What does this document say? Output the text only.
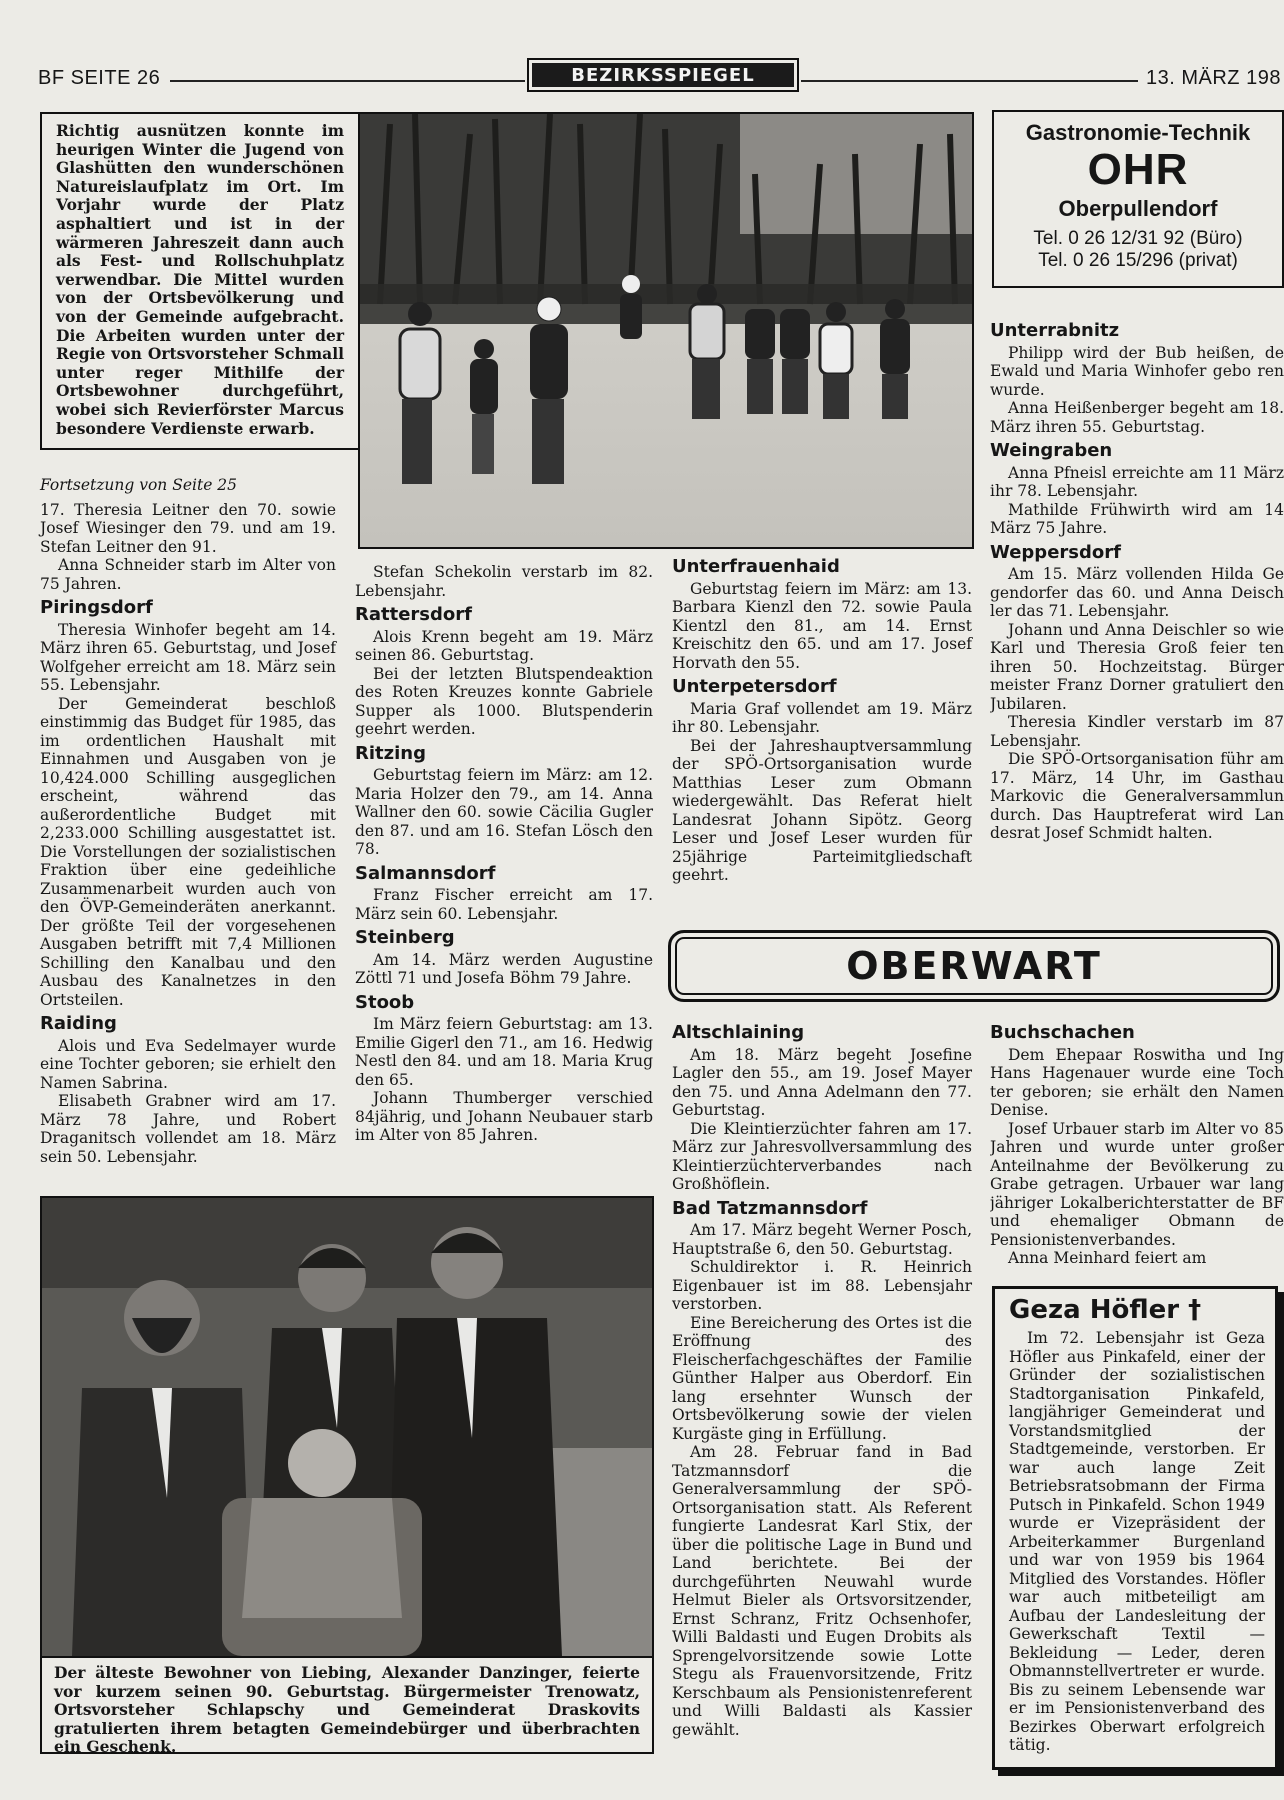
BF SEITE 26	BEZIRKSSPIEGEL	13. MÄRZ 198
Richtig ausnützen konnte im heurigen Winter die Jugend von Glashütten den wunderschönen Natureislaufplatz im Ort. Im Vorjahr wurde der Platz asphaltiert und ist in der wärmeren Jahreszeit dann auch als Fest- und Rollschuhplatz verwendbar. Die Mittel wurden von der Ortsbevölkerung und von der Gemeinde aufgebracht. Die Arbeiten wurden unter der Regie von Ortsvorsteher Schmall unter reger Mithilfe der Ortsbewohner durchgeführt, wobei sich Revierförster Marcus besondere Verdienste erwarb.
Gastronomie-Technik
OHR
Oberpullendorf
Tel. 0 26 12/31 92 (Büro)
Tel. 0 26 15/296 (privat)

Fortsetzung von Seite 25

17. Theresia Leitner den 70. sowie Josef Wiesinger den 79. und am 19. Stefan Leitner den 91.

Anna Schneider starb im Alter von 75 Jahren.

Piringsdorf

Theresia Winhofer begeht am 14. März ihren 65. Geburtstag, und Josef Wolfgeher erreicht am 18. März sein 55. Lebensjahr.

Der Gemeinderat beschloß einstimmig das Budget für 1985, das im ordentlichen Haushalt mit Einnahmen und Ausgaben von je 10,424.000 Schilling ausgeglichen erscheint, während das außerordentliche Budget mit 2,233.000 Schilling ausgestattet ist. Die Vorstellungen der sozialistischen Fraktion über eine gedeihliche Zusammenarbeit wurden auch von den ÖVP-Gemeinderäten anerkannt. Der größte Teil der vorgesehenen Ausgaben betrifft mit 7,4 Millionen Schilling den Kanalbau und den Ausbau des Kanalnetzes in den Ortsteilen.

Raiding

Alois und Eva Sedelmayer wurde eine Tochter geboren; sie erhielt den Namen Sabrina.

Elisabeth Grabner wird am 17. März 78 Jahre, und Robert Draganitsch vollendet am 18. März sein 50. Lebensjahr.

Stefan Schekolin verstarb im 82. Lebensjahr.

Rattersdorf

Alois Krenn begeht am 19. März seinen 86. Geburtstag.

Bei der letzten Blutspendeaktion des Roten Kreuzes konnte Gabriele Supper als 1000. Blutspenderin geehrt werden.

Ritzing

Geburtstag feiern im März: am 12. Maria Holzer den 79., am 14. Anna Wallner den 60. sowie Cäcilia Gugler den 87. und am 16. Stefan Lösch den 78.

Salmannsdorf

Franz Fischer erreicht am 17. März sein 60. Lebensjahr.

Steinberg

Am 14. März werden Augustine Zöttl 71 und Josefa Böhm 79 Jahre.

Stoob

Im März feiern Geburtstag: am 13. Emilie Gigerl den 71., am 16. Hedwig Nestl den 84. und am 18. Maria Krug den 65.

Johann Thumberger verschied 84jährig, und Johann Neubauer starb im Alter von 85 Jahren.

Unterfrauenhaid

Geburtstag feiern im März: am 13. Barbara Kienzl den 72. sowie Paula Kientzl den 81., am 14. Ernst Kreischitz den 65. und am 17. Josef Horvath den 55.

Unterpetersdorf

Maria Graf vollendet am 19. März ihr 80. Lebensjahr.

Bei der Jahreshauptversammlung der SPÖ-Ortsorganisation wurde Matthias Leser zum Obmann wiedergewählt. Das Referat hielt Landesrat Johann Sipötz. Georg Leser und Josef Leser wurden für 25jährige Parteimitgliedschaft geehrt.

Unterrabnitz

Philipp wird der Bub heißen, de Ewald und Maria Winhofer gebo ren wurde.

Anna Heißenberger begeht am 18. März ihren 55. Geburtstag.

Weingraben

Anna Pfneisl erreichte am 11 März ihr 78. Lebensjahr.

Mathilde Frühwirth wird am 14 März 75 Jahre.

Weppersdorf

Am 15. März vollenden Hilda Ge gendorfer das 60. und Anna Deisch ler das 71. Lebensjahr.

Johann und Anna Deischler so wie Karl und Theresia Groß feier ten ihren 50. Hochzeitstag. Bürger meister Franz Dorner gratuliert den Jubilaren.

Theresia Kindler verstarb im 87 Lebensjahr.

Die SPÖ-Ortsorganisation führ am 17. März, 14 Uhr, im Gasthau Markovic die Generalversammlun durch. Das Hauptreferat wird Lan desrat Josef Schmidt halten.

OBERWART
Altschlaining

Am 18. März begeht Josefine Lagler den 55., am 19. Josef Mayer den 75. und Anna Adelmann den 77. Geburtstag.

Die Kleintierzüchter fahren am 17. März zur Jahresvollversammlung des Kleintierzüchterverbandes nach Großhöflein.

Bad Tatzmannsdorf

Am 17. März begeht Werner Posch, Hauptstraße 6, den 50. Geburtstag.

Schuldirektor i. R. Heinrich Eigenbauer ist im 88. Lebensjahr verstorben.

Eine Bereicherung des Ortes ist die Eröffnung des Fleischerfachgeschäftes der Familie Günther Halper aus Oberdorf. Ein lang ersehnter Wunsch der Ortsbevölkerung sowie der vielen Kurgäste ging in Erfüllung.

Am 28. Februar fand in Bad Tatzmannsdorf die Generalversammlung der SPÖ-Ortsorganisation statt. Als Referent fungierte Landesrat Karl Stix, der über die politische Lage in Bund und Land berichtete. Bei der durchgeführten Neuwahl wurde Helmut Bieler als Ortsvorsitzender, Ernst Schranz, Fritz Ochsenhofer, Willi Baldasti und Eugen Drobits als Sprengelvorsitzende sowie Lotte Stegu als Frauenvorsitzende, Fritz Kerschbaum als Pensionistenreferent und Willi Baldasti als Kassier gewählt.

Buchschachen

Dem Ehepaar Roswitha und Ing Hans Hagenauer wurde eine Toch ter geboren; sie erhält den Namen Denise.

Josef Urbauer starb im Alter vo 85 Jahren und wurde unter großer Anteilnahme der Bevölkerung zu Grabe getragen. Urbauer war lang jähriger Lokalberichterstatter de BF und ehemaliger Obmann de Pensionistenverbandes.

Anna Meinhard feiert am

Geza Höfler †

Im 72. Lebensjahr ist Geza Höfler aus Pinkafeld, einer der Gründer der sozialistischen Stadtorganisation Pinkafeld, langjähriger Gemeinderat und Vorstandsmitglied der Stadtgemeinde, verstorben. Er war auch lange Zeit Betriebsratsobmann der Firma Putsch in Pinkafeld. Schon 1949 wurde er Vizepräsident der Arbeiterkammer Burgenland und war von 1959 bis 1964 Mitglied des Vorstandes. Höfler war auch mitbeteiligt am Aufbau der Landesleitung der Gewerkschaft Textil — Bekleidung — Leder, deren Obmannstellvertreter er wurde. Bis zu seinem Lebensende war er im Pensionistenverband des Bezirkes Oberwart erfolgreich tätig.

Der älteste Bewohner von Liebing, Alexander Danzinger, feierte vor kurzem seinen 90. Geburtstag. Bürgermeister Trenowatz, Ortsvorsteher Schlapschy und Gemeinderat Draskovits gratulierten ihrem betagten Gemeindebürger und überbrachten ein Geschenk.
